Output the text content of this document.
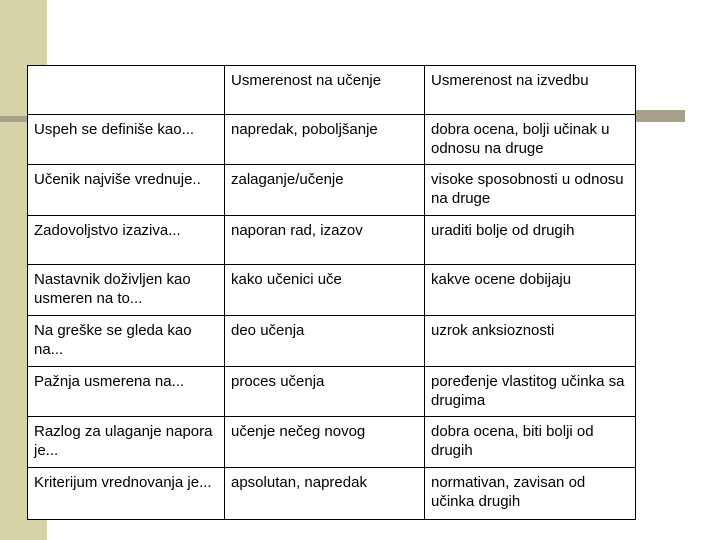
	Usmerenost na učenje	Usmerenost na izvedbu
Uspeh se definiše kao...	napredak, poboljšanje	dobra ocena, bolji učinak u odnosu na druge
Učenik najviše vrednuje..	zalaganje/učenje	visoke sposobnosti u odnosu na druge
Zadovoljstvo izaziva...	naporan rad, izazov	uraditi bolje od drugih
Nastavnik doživljen kao usmeren na to...	kako učenici uče	kakve ocene dobijaju
Na greške se gleda kao na...	deo učenja	uzrok anksioznosti
Pažnja usmerena na...	proces učenja	poređenje vlastitog učinka sa drugima
Razlog za ulaganje napora je...	učenje nečeg novog	dobra ocena, biti bolji od drugih
Kriterijum vrednovanja je...	apsolutan, napredak	normativan, zavisan od učinka drugih
